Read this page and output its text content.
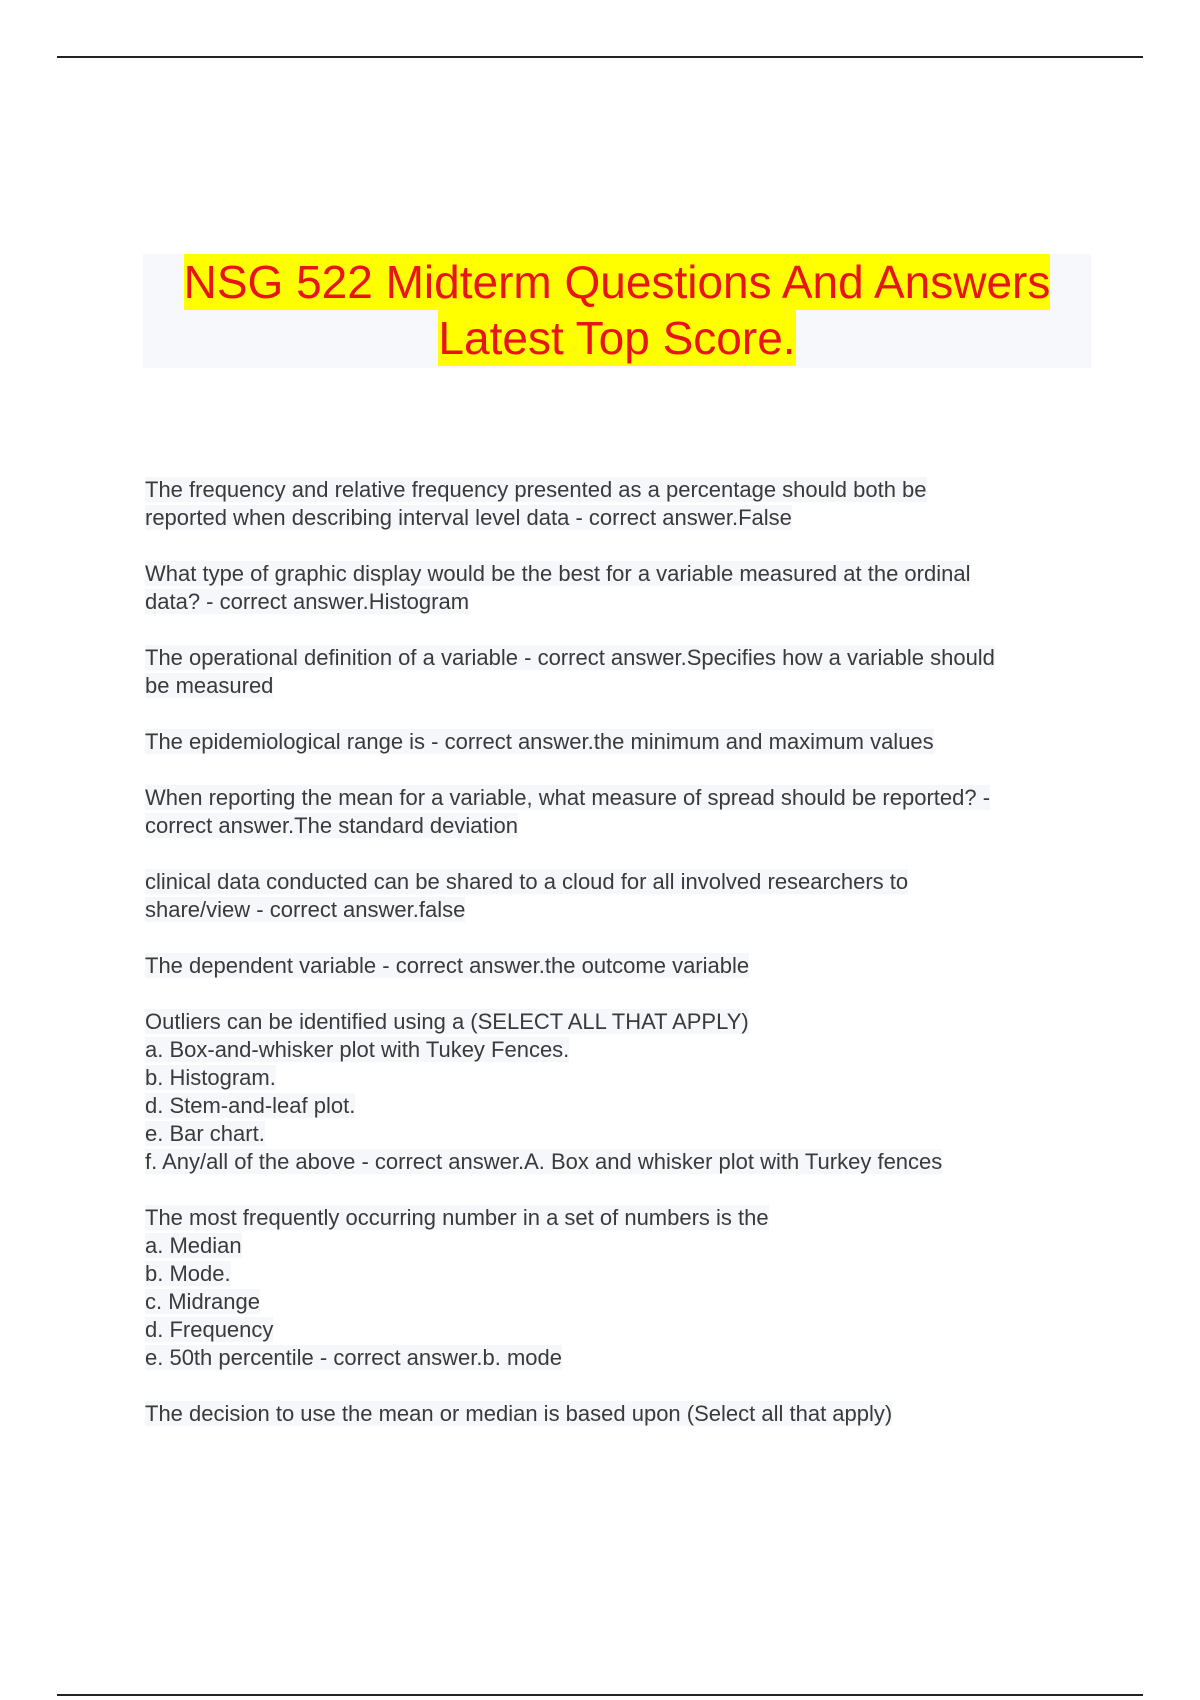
NSG 522 Midterm Questions And Answers
Latest Top Score.
The frequency and relative frequency presented as a percentage should both be
reported when describing interval level data - correct answer.False
What type of graphic display would be the best for a variable measured at the ordinal
data? - correct answer.Histogram
The operational definition of a variable - correct answer.Specifies how a variable should
be measured
The epidemiological range is - correct answer.the minimum and maximum values
When reporting the mean for a variable, what measure of spread should be reported? -
correct answer.The standard deviation
clinical data conducted can be shared to a cloud for all involved researchers to
share/view - correct answer.false
The dependent variable - correct answer.the outcome variable
Outliers can be identified using a (SELECT ALL THAT APPLY)
a. Box-and-whisker plot with Tukey Fences.
b. Histogram.
d. Stem-and-leaf plot.
e. Bar chart.
f. Any/all of the above - correct answer.A. Box and whisker plot with Turkey fences
The most frequently occurring number in a set of numbers is the
a. Median
b. Mode.
c. Midrange
d. Frequency
e. 50th percentile - correct answer.b. mode
The decision to use the mean or median is based upon (Select all that apply)
